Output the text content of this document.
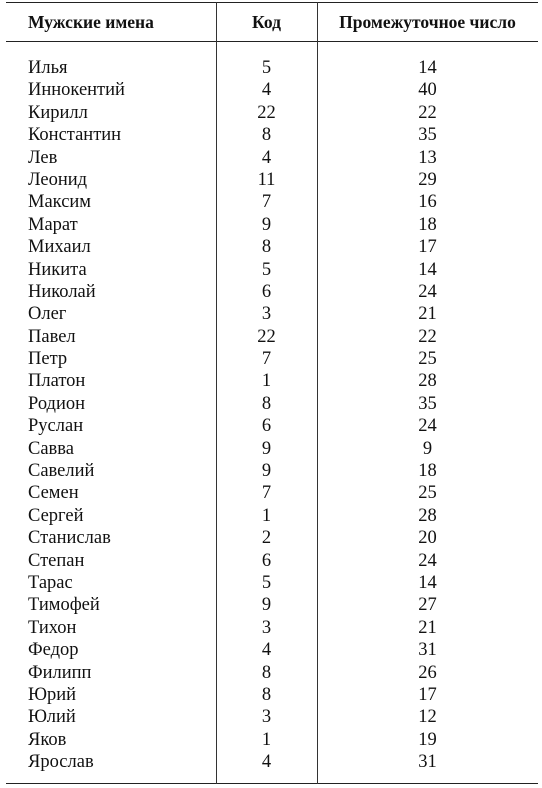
Мужские имена	Код	Промежуточное число
Илья	5	14
Иннокентий	4	40
Кирилл	22	22
Константин	8	35
Лев	4	13
Леонид	11	29
Максим	7	16
Марат	9	18
Михаил	8	17
Никита	5	14
Николай	6	24
Олег	3	21
Павел	22	22
Петр	7	25
Платон	1	28
Родион	8	35
Руслан	6	24
Савва	9	9
Савелий	9	18
Семен	7	25
Сергей	1	28
Станислав	2	20
Степан	6	24
Тарас	5	14
Тимофей	9	27
Тихон	3	21
Федор	4	31
Филипп	8	26
Юрий	8	17
Юлий	3	12
Яков	1	19
Ярослав	4	31
